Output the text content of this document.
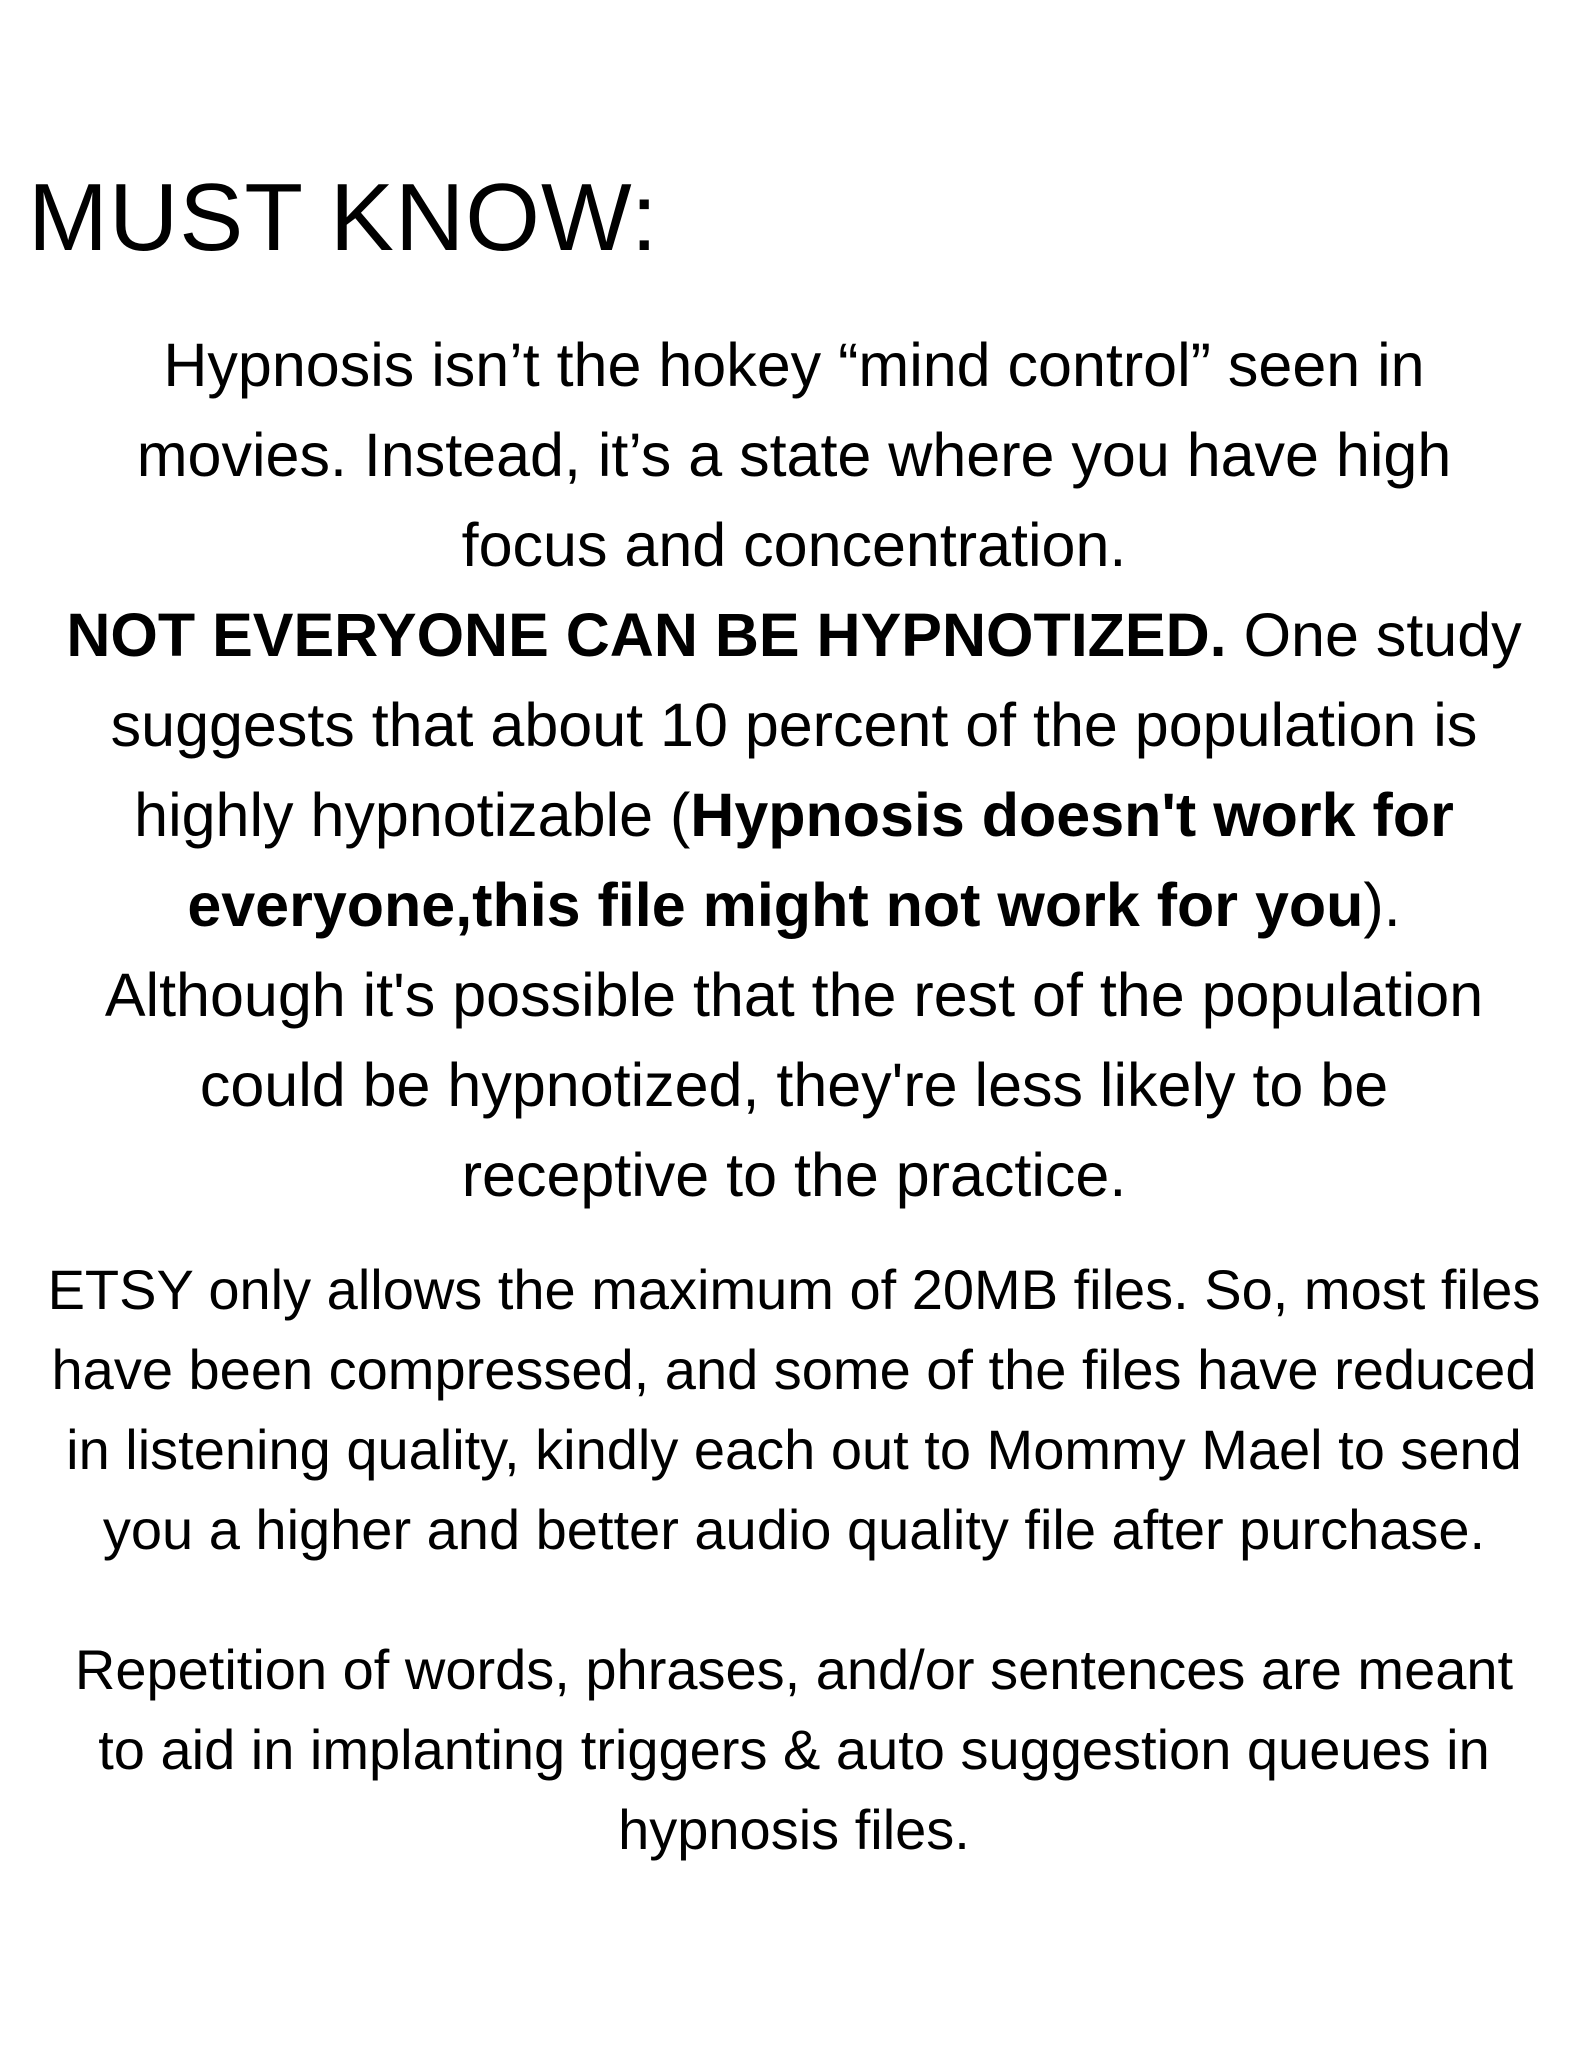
MUST KNOW:
Hypnosis isn’t the hokey “mind control” seen in
movies. Instead, it’s a state where you have high
focus and concentration.
NOT EVERYONE CAN BE HYPNOTIZED. One study
suggests that about 10 percent of the population is
highly hypnotizable (Hypnosis doesn't work for
everyone,this file might not work for you).
Although it's possible that the rest of the population
could be hypnotized, they're less likely to be
receptive to the practice.
ETSY only allows the maximum of 20MB files. So, most files
have been compressed, and some of the files have reduced
in listening quality, kindly each out to Mommy Mael to send
you a higher and better audio quality file after purchase.
Repetition of words, phrases, and/or sentences are meant
to aid in implanting triggers & auto suggestion queues in
hypnosis files.
